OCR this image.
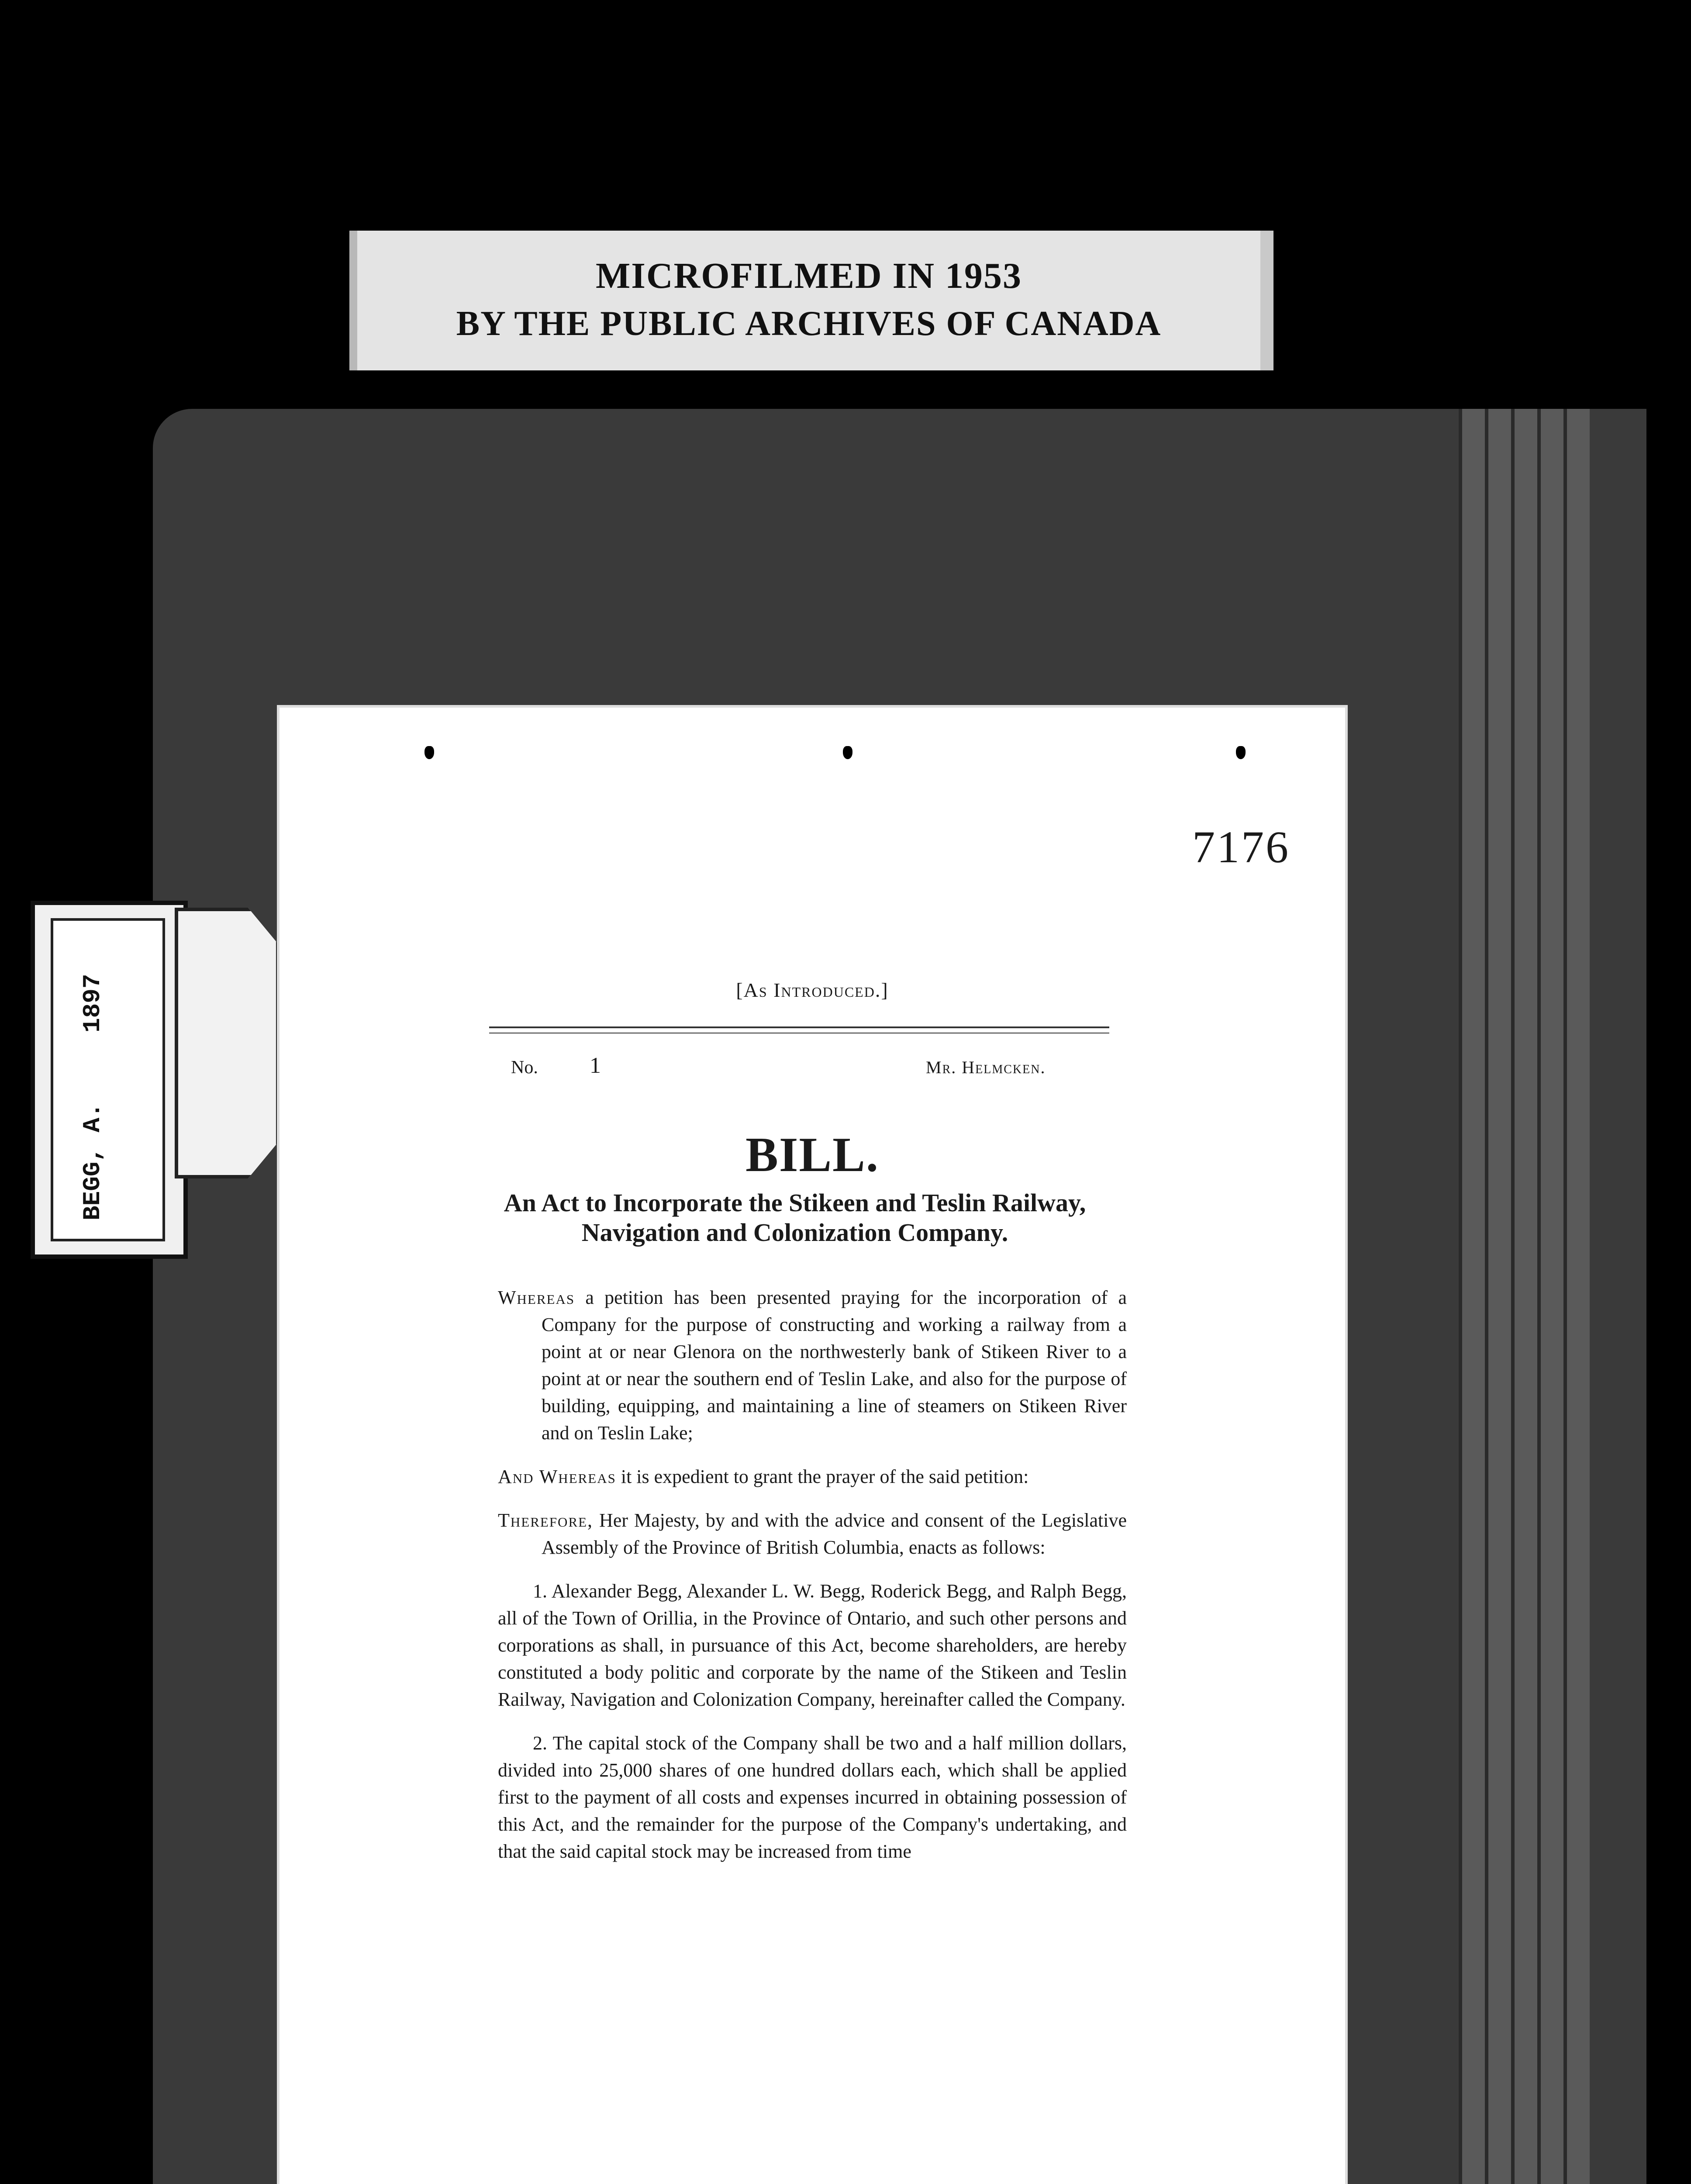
MICROFILMED IN 1953
BY THE PUBLIC ARCHIVES OF CANADA
1897
BEGG, A.
7176
[As Introduced.]
No. 1	Mr. Helmcken.
BILL.
An Act to Incorporate the Stikeen and Teslin Railway, Navigation and Colonization Company.

Whereas a petition has been presented praying for the incorporation of a Company for the purpose of constructing and working a railway from a point at or near Glenora on the northwesterly bank of Stikeen River to a point at or near the southern end of Teslin Lake, and also for the purpose of building, equipping, and maintaining a line of steamers on Stikeen River and on Teslin Lake;

And Whereas it is expedient to grant the prayer of the said petition:

Therefore, Her Majesty, by and with the advice and consent of the Legislative Assembly of the Province of British Columbia, enacts as follows:

1. Alexander Begg, Alexander L. W. Begg, Roderick Begg, and Ralph Begg, all of the Town of Orillia, in the Province of Ontario, and such other persons and corporations as shall, in pursuance of this Act, become shareholders, are hereby constituted a body politic and corporate by the name of the Stikeen and Teslin Railway, Navigation and Colonization Company, hereinafter called the Company.

2. The capital stock of the Company shall be two and a half million dollars, divided into 25,000 shares of one hundred dollars each, which shall be applied first to the payment of all costs and expenses incurred in obtaining possession of this Act, and the remainder for the purpose of the Company's undertaking, and that the said capital stock may be increased from time
